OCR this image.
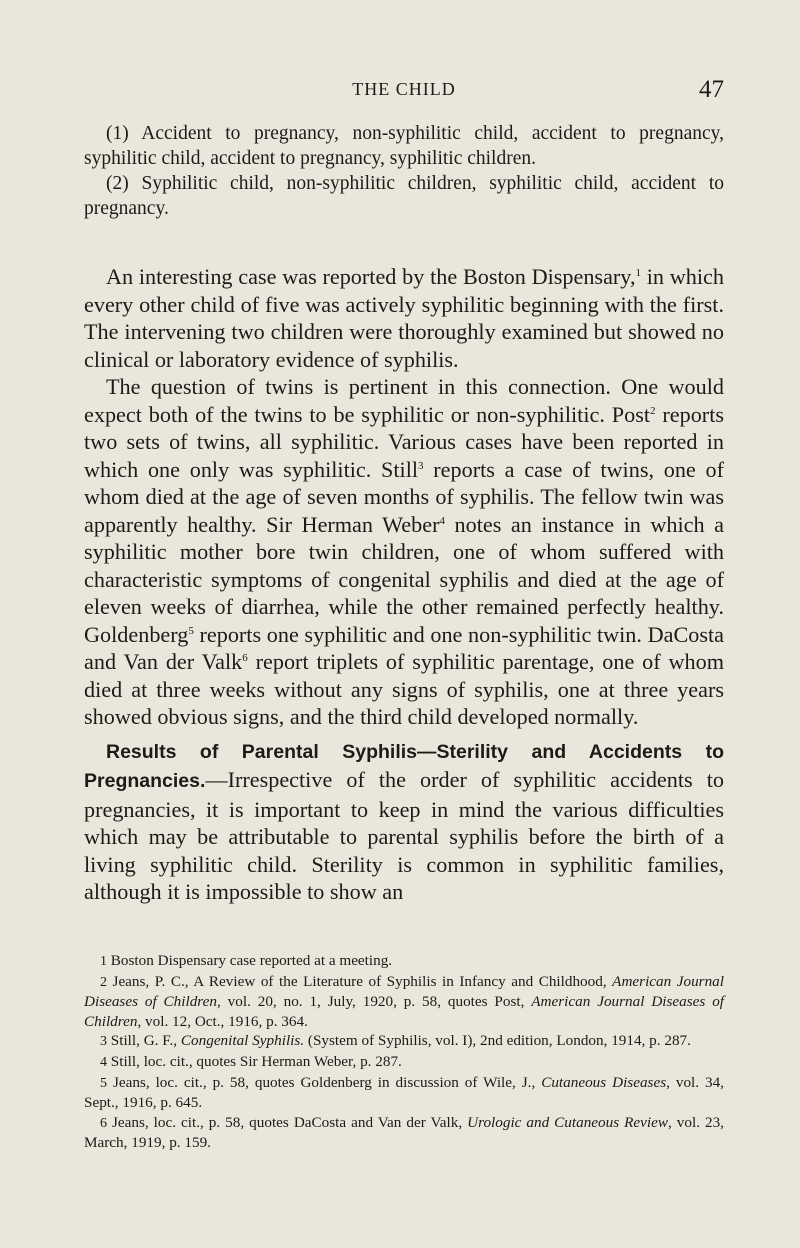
THE CHILD	47

(1) Accident to pregnancy, non-syphilitic child, accident to pregnancy, syphilitic child, accident to pregnancy, syphilitic children.

(2) Syphilitic child, non-syphilitic children, syphilitic child, accident to pregnancy.

An interesting case was reported by the Boston Dispensary,$^1$ in which every other child of five was actively syphilitic beginning with the first. The intervening two children were thoroughly examined but showed no clinical or laboratory evidence of syphilis.

The question of twins is pertinent in this connection. One would expect both of the twins to be syphilitic or non-syphilitic. Post$^2$ reports two sets of twins, all syphilitic. Various cases have been reported in which one only was syphilitic. Still$^3$ reports a case of twins, one of whom died at the age of seven months of syphilis. The fellow twin was apparently healthy. Sir Herman Weber$^4$ notes an instance in which a syphilitic mother bore twin children, one of whom suffered with characteristic symptoms of congenital syphilis and died at the age of eleven weeks of diarrhea, while the other remained perfectly healthy. Goldenberg$^5$ reports one syphilitic and one non-syphilitic twin. DaCosta and Van der Valk$^6$ report triplets of syphilitic parentage, one of whom died at three weeks without any signs of syphilis, one at three years showed obvious signs, and the third child developed normally.

Results of Parental Syphilis—Sterility and Accidents to Pregnancies.—Irrespective of the order of syphilitic accidents to pregnancies, it is important to keep in mind the various difficulties which may be attributable to parental syphilis before the birth of a living syphilitic child. Sterility is common in syphilitic families, although it is impossible to show an

1 Boston Dispensary case reported at a meeting.

2 Jeans, P. C., A Review of the Literature of Syphilis in Infancy and Childhood, American Journal Diseases of Children, vol. 20, no. 1, July, 1920, p. 58, quotes Post, American Journal Diseases of Children, vol. 12, Oct., 1916, p. 364.

3 Still, G. F., Congenital Syphilis. (System of Syphilis, vol. I), 2nd edition, London, 1914, p. 287.

4 Still, loc. cit., quotes Sir Herman Weber, p. 287.

5 Jeans, loc. cit., p. 58, quotes Goldenberg in discussion of Wile, J., Cutaneous Diseases, vol. 34, Sept., 1916, p. 645.

6 Jeans, loc. cit., p. 58, quotes DaCosta and Van der Valk, Urologic and Cutaneous Review, vol. 23, March, 1919, p. 159.
